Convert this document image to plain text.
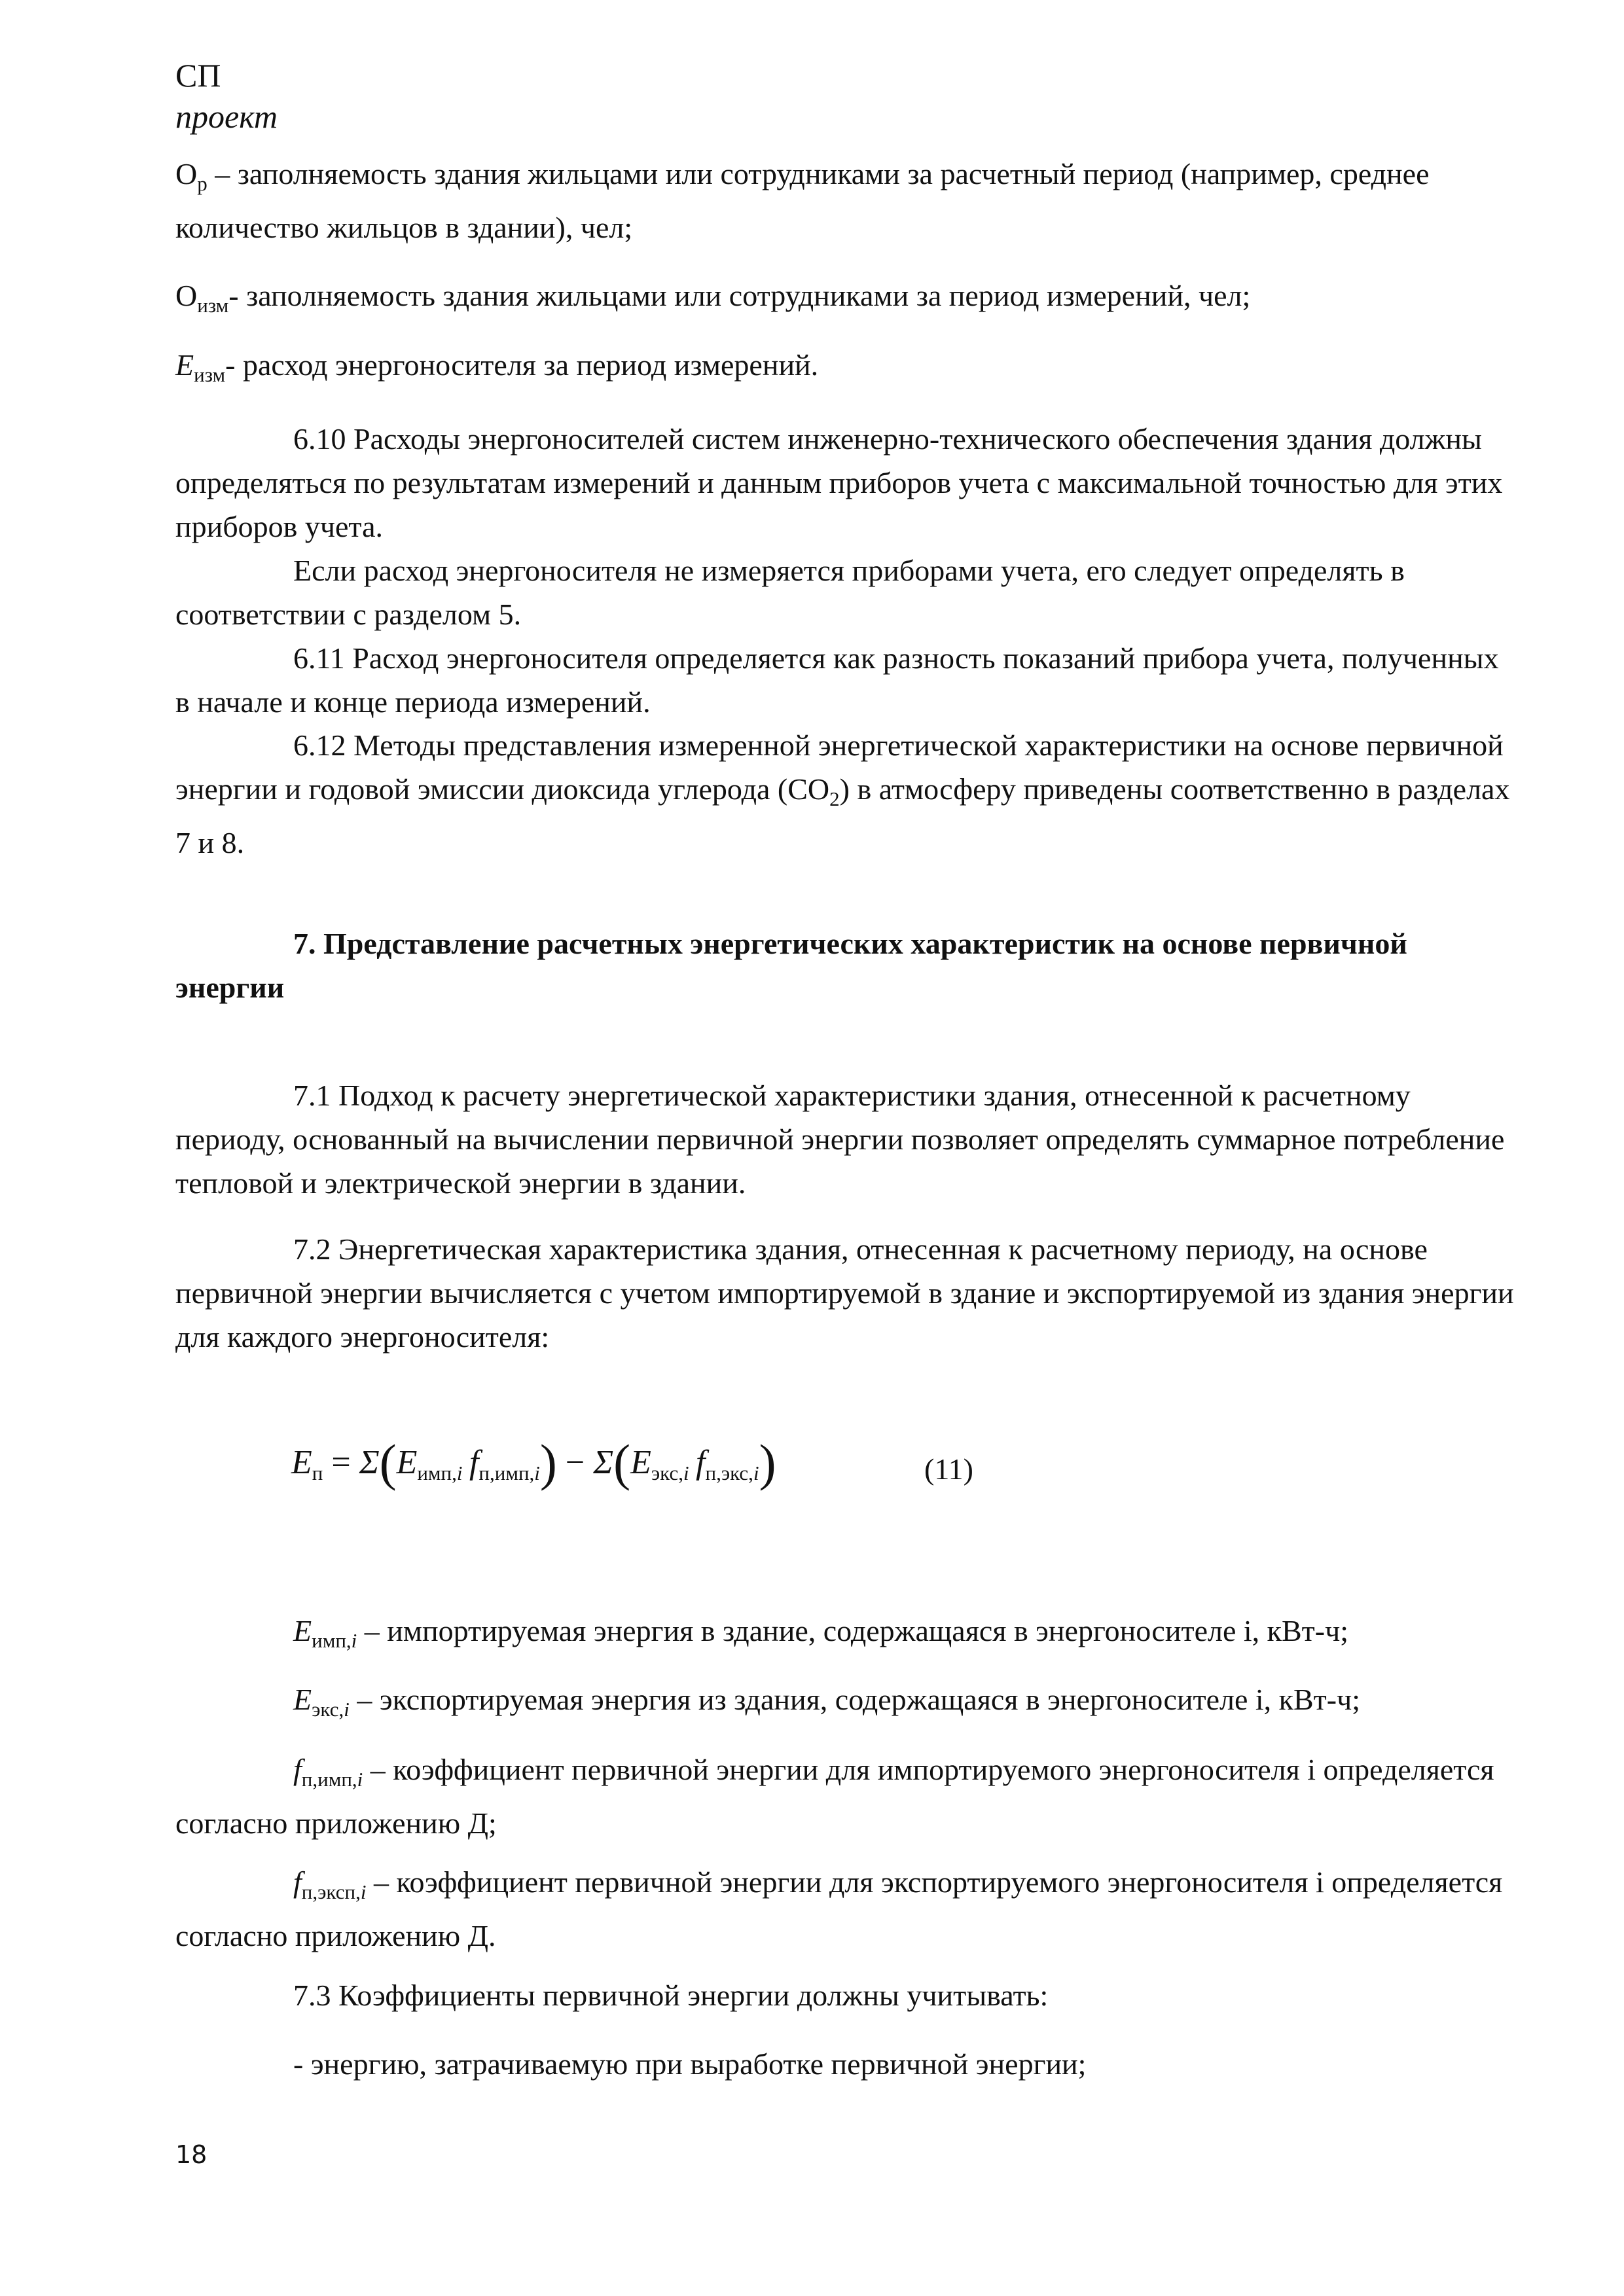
СП
проект

$O_p$ – заполняемость здания жильцами или сотрудниками за расчетный период (например, среднее количество жильцов в здании), чел;

$O_{изм}-$ заполняемость здания жильцами или сотрудниками за период измерений, чел;

$E_{изм}-$ расход энергоносителя за период измерений.

6.10 Расходы энергоносителей систем инженерно-технического обеспечения здания должны определяться по результатам измерений и данным приборов учета с максимальной точностью для этих приборов учета.

Если расход энергоносителя не измеряется приборами учета, его следует определять в соответствии с разделом 5.

6.11 Расход энергоносителя определяется как разность показаний прибора учета, полученных в начале и конце периода измерений.

6.12 Методы представления измеренной энергетической характеристики на основе первичной энергии и годовой эмиссии диоксида углерода $(CO_2)$ в атмосферу приведены соответственно в разделах 7 и 8.

7. Представление расчетных энергетических характеристик на основе первичной энергии

7.1 Подход к расчету энергетической характеристики здания, отнесенной к расчетному периоду, основанный на вычислении первичной энергии позволяет определять суммарное потребление тепловой и электрической энергии в здании.

7.2 Энергетическая характеристика здания, отнесенная к расчетному периоду, на основе первичной энергии вычисляется с учетом импортируемой в здание и экспортируемой из здания энергии для каждого энергоносителя:

$E_п = \Sigma(E_{имп,}i$  $f_{п,имп,}i) - \Sigma(E_{экс,}i$  $f_{п,экс,}i$)	(11)

$E_{имп,i}$ – импортируемая энергия в здание, содержащаяся в энергоносителе i, кВт-ч;

$E_{экс,i}$ – экспортируемая энергия из здания, содержащаяся в энергоносителе i, кВт-ч;

$f_{п,имп,i}$ – коэффициент первичной энергии для импортируемого энергоносителя i определяется согласно приложению Д;

$f_{п,эксп,i}$ – коэффициент первичной энергии для экспортируемого энергоносителя i определяется согласно приложению Д.

7.3 Коэффициенты первичной энергии должны учитывать:

- энергию, затрачиваемую при выработке первичной энергии;

18
